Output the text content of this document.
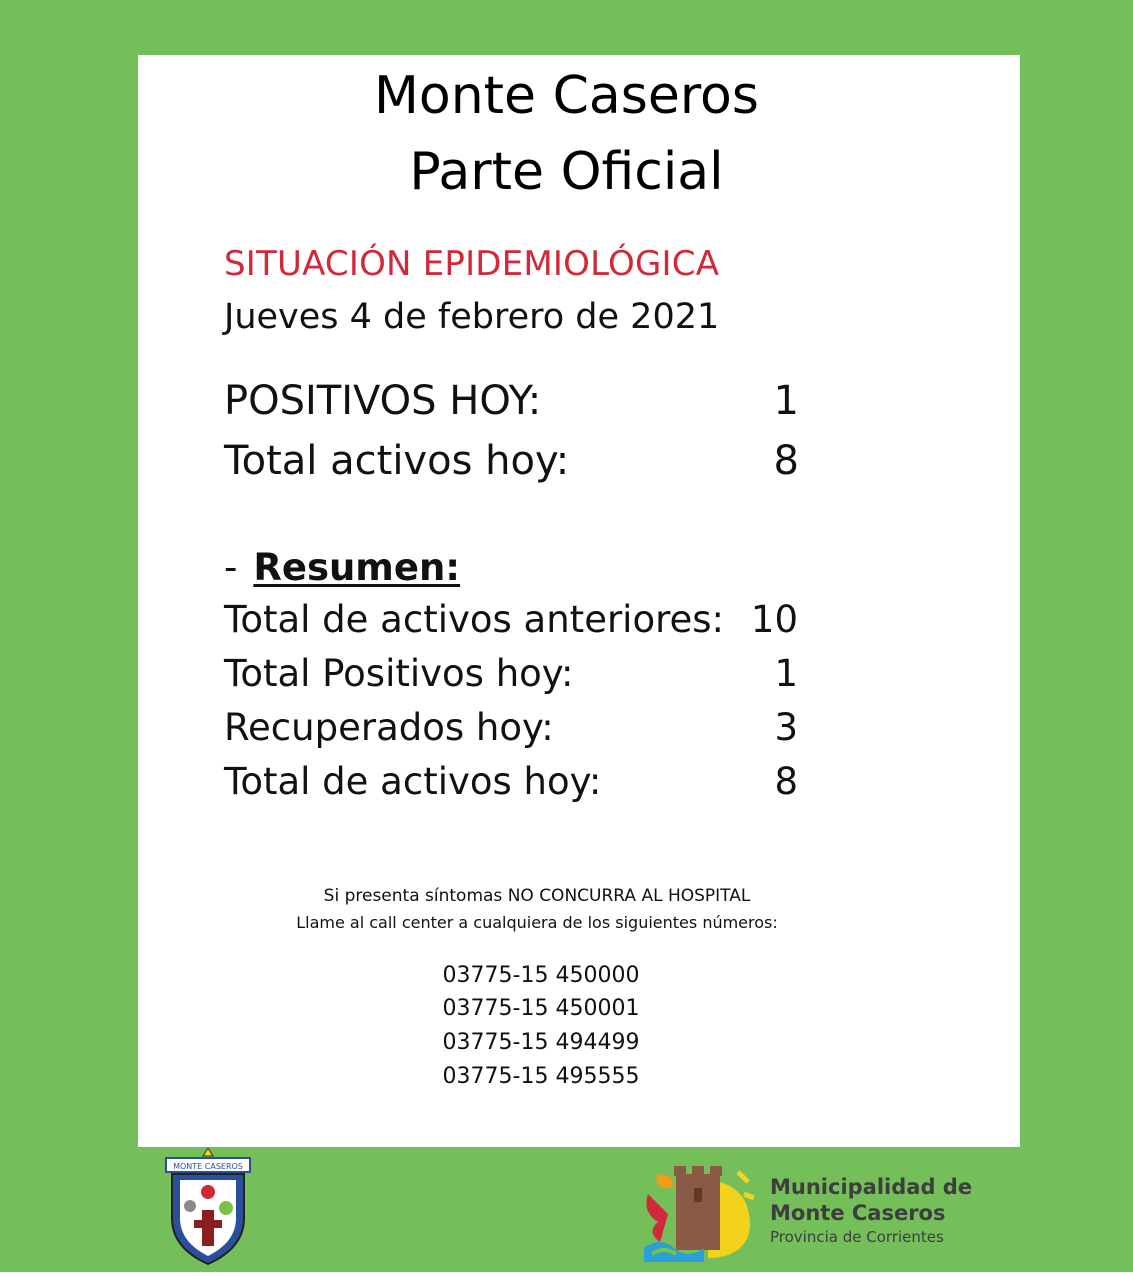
Monte Caseros
Parte Oficial
SITUACIÓN EPIDEMIOLÓGICA
Jueves 4 de febrero de 2021
POSITIVOS HOY:	1
Total activos hoy:	8
- Resumen:
Total de activos anteriores: 10
Total Positivos hoy:	1
Recuperados hoy:	3
Total de activos hoy:	8
Si presenta síntomas NO CONCURRA AL HOSPITAL
Llame al call center a cualquiera de los siguientes números:
03775-15 450000
03775-15 450001
03775-15 494499
03775-15 495555
MONTE CASEROS
Municipalidad de
Monte Caseros
Provincia de Corrientes
